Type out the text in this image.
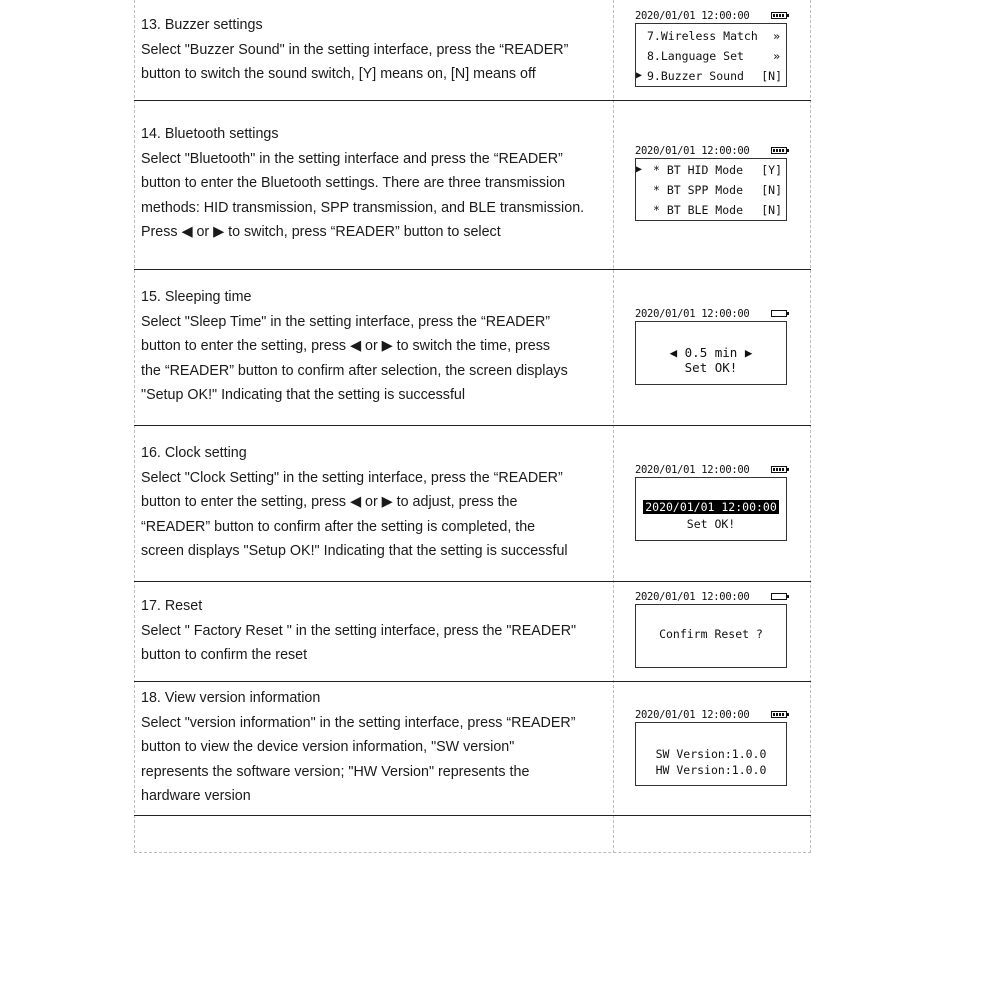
13. Buzzer settings

Select "Buzzer Sound" in the setting interface, press the “READER”

button to switch the sound switch, [Y] means on, [N] means off

2020/01/01 12:00:00
7.Wireless Match »
8.Language Set	»
▶ 9.Buzzer Sound [N]

14. Bluetooth settings

Select "Bluetooth" in the setting interface and press the “READER”

button to enter the Bluetooth settings. There are three transmission

methods: HID transmission, SPP transmission, and BLE transmission.

Press ◀ or ▶ to switch, press “READER” button to select

2020/01/01 12:00:00
▶ * BT HID Mode [Y]
* BT SPP Mode [N]
* BT BLE Mode [N]

15. Sleeping time

Select "Sleep Time" in the setting interface, press the “READER”

button to enter the setting, press ◀ or ▶ to switch the time, press

the “READER” button to confirm after selection, the screen displays

"Setup OK!" Indicating that the setting is successful

2020/01/01 12:00:00
◀ 0.5 min ▶
Set OK!

16. Clock setting

Select "Clock Setting" in the setting interface, press the “READER”

button to enter the setting, press ◀ or ▶ to adjust, press the

“READER” button to confirm after the setting is completed, the

screen displays "Setup OK!" Indicating that the setting is successful

2020/01/01 12:00:00
2020/01/01 12:00:00
Set OK!

17. Reset

Select " Factory Reset " in the setting interface, press the "READER"

button to confirm the reset

2020/01/01 12:00:00
Confirm Reset ?

18. View version information

Select "version information" in the setting interface, press “READER”

button to view the device version information, "SW version"

represents the software version; "HW Version" represents the

hardware version

2020/01/01 12:00:00
SW Version:1.0.0
HW Version:1.0.0
